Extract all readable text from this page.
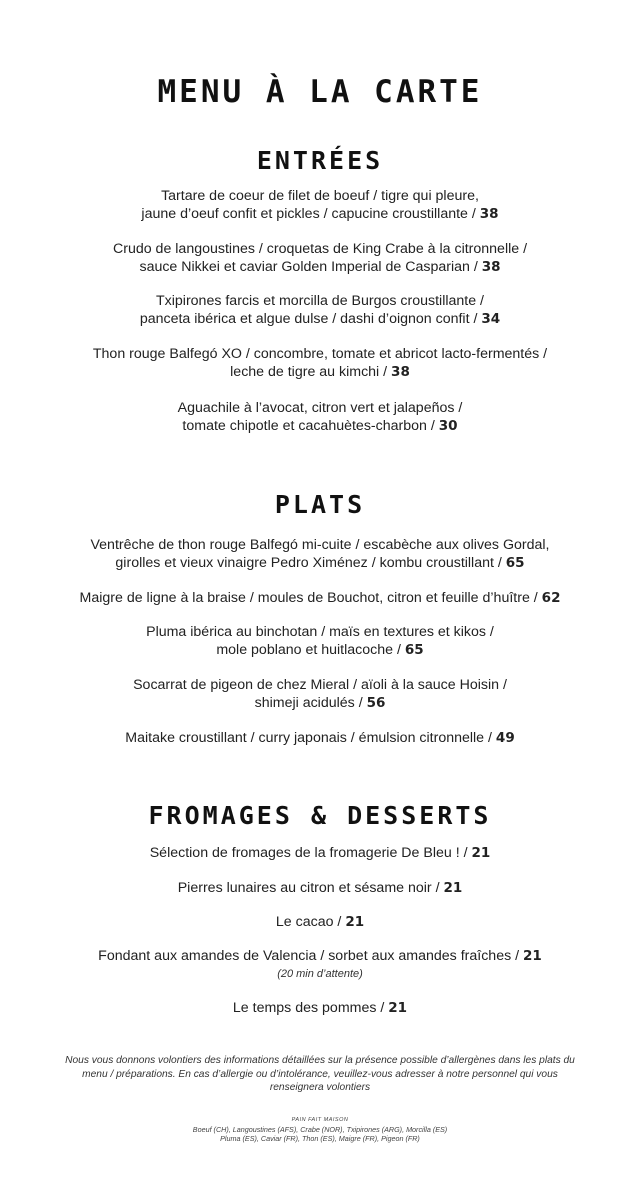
MENU À LA CARTE
ENTRÉES
Tartare de coeur de filet de boeuf / tigre qui pleure,
jaune d’oeuf confit et pickles / capucine croustillante / 38
Crudo de langoustines / croquetas de King Crabe à la citronnelle /
sauce Nikkei et caviar Golden Imperial de Casparian / 38
Txipirones farcis et morcilla de Burgos croustillante /
panceta ibérica et algue dulse / dashi d’oignon confit / 34
Thon rouge Balfegó XO / concombre, tomate et abricot lacto-fermentés /
leche de tigre au kimchi / 38
Aguachile à l’avocat, citron vert et jalapeños /
tomate chipotle et cacahuètes-charbon / 30
PLATS
Ventrêche de thon rouge Balfegó mi-cuite / escabèche aux olives Gordal,
girolles et vieux vinaigre Pedro Ximénez / kombu croustillant / 65
Maigre de ligne à la braise / moules de Bouchot, citron et feuille d’huître / 62
Pluma ibérica au binchotan / maïs en textures et kikos /
mole poblano et huitlacoche / 65
Socarrat de pigeon de chez Mieral / aïoli à la sauce Hoisin /
shimeji acidulés / 56
Maitake croustillant / curry japonais / émulsion citronnelle / 49
FROMAGES & DESSERTS
Sélection de fromages de la fromagerie De Bleu ! / 21
Pierres lunaires au citron et sésame noir / 21
Le cacao / 21
Fondant aux amandes de Valencia / sorbet aux amandes fraîches / 21
(20 min d’attente)
Le temps des pommes / 21
Nous vous donnons volontiers des informations détaillées sur la présence possible d’allergènes dans les plats du menu / préparations. En cas d’allergie ou d’intolérance, veuillez-vous adresser à notre personnel qui vous renseignera volontiers
PAIN FAIT MAISON
Boeuf (CH), Langoustines (AFS), Crabe (NOR), Txipirones (ARG), Morcilla (ES)
Pluma (ES), Caviar (FR), Thon (ES), Maigre (FR), Pigeon (FR)
